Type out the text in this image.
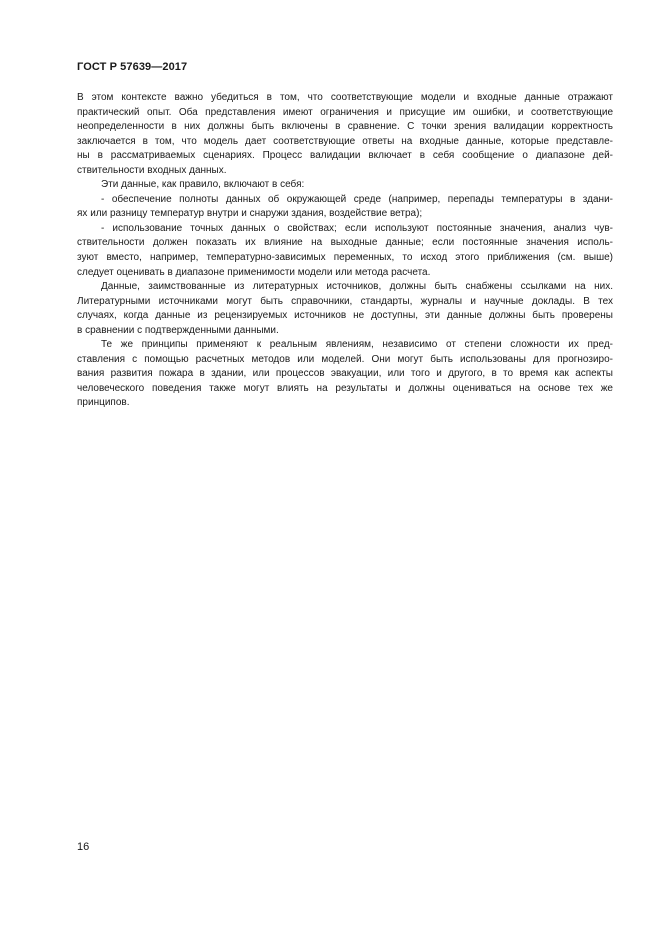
ГОСТ Р 57639—2017
В этом контексте важно убедиться в том, что соответствующие модели и входные данные отражают
практический опыт. Оба представления имеют ограничения и присущие им ошибки, и соответствующие
неопределенности в них должны быть включены в сравнение. С точки зрения валидации корректность
заключается в том, что модель дает соответствующие ответы на входные данные, которые представле-
ны в рассматриваемых сценариях. Процесс валидации включает в себя сообщение о диапазоне дей-
ствительности входных данных.
Эти данные, как правило, включают в себя:
- обеспечение полноты данных об окружающей среде (например, перепады температуры в здани-
ях или разницу температур внутри и снаружи здания, воздействие ветра);
- использование точных данных о свойствах; если используют постоянные значения, анализ чув-
ствительности должен показать их влияние на выходные данные; если постоянные значения исполь-
зуют вместо, например, температурно-зависимых переменных, то исход этого приближения (см. выше)
следует оценивать в диапазоне применимости модели или метода расчета.
Данные, заимствованные из литературных источников, должны быть снабжены ссылками на них.
Литературными источниками могут быть справочники, стандарты, журналы и научные доклады. В тех
случаях, когда данные из рецензируемых источников не доступны, эти данные должны быть проверены
в сравнении с подтвержденными данными.
Те же принципы применяют к реальным явлениям, независимо от степени сложности их пред-
ставления с помощью расчетных методов или моделей. Они могут быть использованы для прогнозиро-
вания развития пожара в здании, или процессов эвакуации, или того и другого, в то время как аспекты
человеческого поведения также могут влиять на результаты и должны оцениваться на основе тех же
принципов.
16
